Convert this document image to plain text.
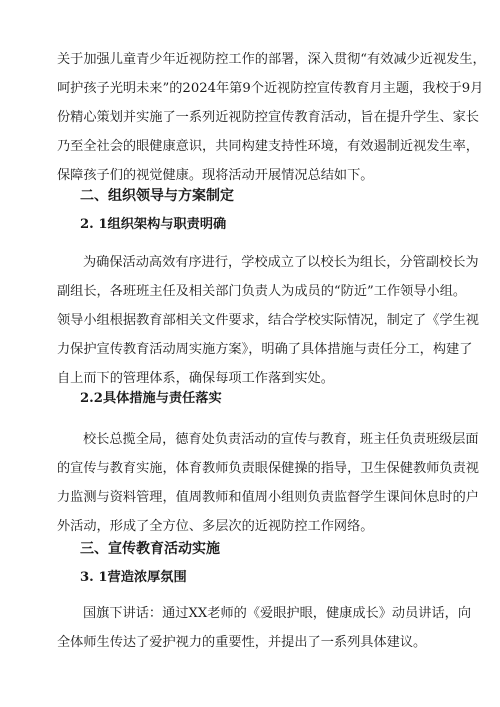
关于加强儿童青少年近视防控工作的部署，深入贯彻“有效减少近视发生，
呵护孩子光明未来”的2024年第9个近视防控宣传教育月主题，我校于9月
份精心策划并实施了一系列近视防控宣传教育活动，旨在提升学生、家长
乃至全社会的眼健康意识，共同构建支持性环境，有效遏制近视发生率，
保障孩子们的视觉健康。现将活动开展情况总结如下。
二、组织领导与方案制定
2. 1组织架构与职责明确
为确保活动高效有序进行，学校成立了以校长为组长，分管副校长为
副组长，各班班主任及相关部门负责人为成员的“防近”工作领导小组。
领导小组根据教育部相关文件要求，结合学校实际情况，制定了《学生视
力保护宣传教育活动周实施方案》，明确了具体措施与责任分工，构建了
自上而下的管理体系，确保每项工作落到实处。
2.2具体措施与责任落实
校长总揽全局，德育处负责活动的宣传与教育，班主任负责班级层面
的宣传与教育实施，体育教师负责眼保健操的指导，卫生保健教师负责视
力监测与资料管理，值周教师和值周小组则负责监督学生课间休息时的户
外活动，形成了全方位、多层次的近视防控工作网络。
三、宣传教育活动实施
3. 1营造浓厚氛围
国旗下讲话：通过XX老师的《爱眼护眼，健康成长》动员讲话，向
全体师生传达了爱护视力的重要性，并提出了一系列具体建议。
